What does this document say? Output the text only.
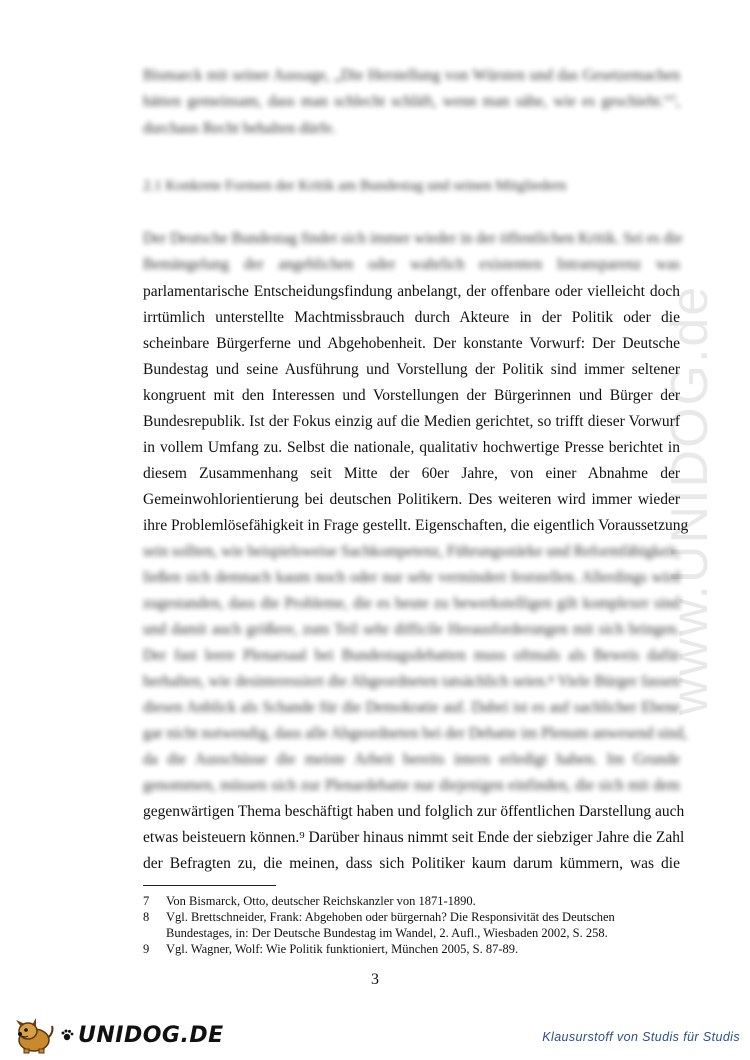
www.UNIDOG.de
Bismarck mit seiner Aussage, „Die Herstellung von Würsten und das Gesetzemachen
hätten gemeinsam, dass man schlecht schläft, wenn man sähe, wie es geschieht.“⁷,
durchaus Recht behalten dürfe.
2.1 Konkrete Formen der Kritik am Bundestag und seinen Mitgliedern
Der Deutsche Bundestag findet sich immer wieder in der öffentlichen Kritik. Sei es die
Bemängelung der angeblichen oder wahrlich existenten Intransparenz was
parlamentarische Entscheidungsfindung anbelangt, der offenbare oder vielleicht doch
irrtümlich unterstellte Machtmissbrauch durch Akteure in der Politik oder die
scheinbare Bürgerferne und Abgehobenheit. Der konstante Vorwurf: Der Deutsche
Bundestag und seine Ausführung und Vorstellung der Politik sind immer seltener
kongruent mit den Interessen und Vorstellungen der Bürgerinnen und Bürger der
Bundesrepublik. Ist der Fokus einzig auf die Medien gerichtet, so trifft dieser Vorwurf
in vollem Umfang zu. Selbst die nationale, qualitativ hochwertige Presse berichtet in
diesem Zusammenhang seit Mitte der 60er Jahre, von einer Abnahme der
Gemeinwohlorientierung bei deutschen Politikern. Des weiteren wird immer wieder
ihre Problemlösefähigkeit in Frage gestellt. Eigenschaften, die eigentlich Voraussetzung
sein sollten, wie beispielsweise Sachkompetenz, Führungsstärke und Reformfähigkeit,
ließen sich demnach kaum noch oder nur sehr vermindert feststellen. Allerdings wird
zugestanden, dass die Probleme, die es heute zu bewerkstelligen gilt komplexer sind
und damit auch größere, zum Teil sehr difficile Herausforderungen mit sich bringen.
Der fast leere Plenarsaal bei Bundestagsdebatten muss oftmals als Beweis dafür
herhalten, wie desinteressiert die Abgeordneten tatsächlich seien.⁸ Viele Bürger fassen
diesen Anblick als Schande für die Demokratie auf. Dabei ist es auf sachlicher Ebene
gar nicht notwendig, dass alle Abgeordneten bei der Debatte im Plenum anwesend sind,
da die Ausschüsse die meiste Arbeit bereits intern erledigt haben. Im Grunde
genommen, müssen sich zur Plenardebatte nur diejenigen einfinden, die sich mit dem
gegenwärtigen Thema beschäftigt haben und folglich zur öffentlichen Darstellung auch
etwas beisteuern können.⁹ Darüber hinaus nimmt seit Ende der siebziger Jahre die Zahl
der Befragten zu, die meinen, dass sich Politiker kaum darum kümmern, was die
7 Von Bismarck, Otto, deutscher Reichskanzler von 1871-1890.
8 Vgl. Brettschneider, Frank: Abgehoben oder bürgernah? Die Responsivität des Deutschen
Bundestages, in: Der Deutsche Bundestag im Wandel, 2. Aufl., Wiesbaden 2002, S. 258.
9 Vgl. Wagner, Wolf: Wie Politik funktioniert, München 2005, S. 87-89.
3
UNIDOG.DE	Klausurstoff von Studis für Studis
